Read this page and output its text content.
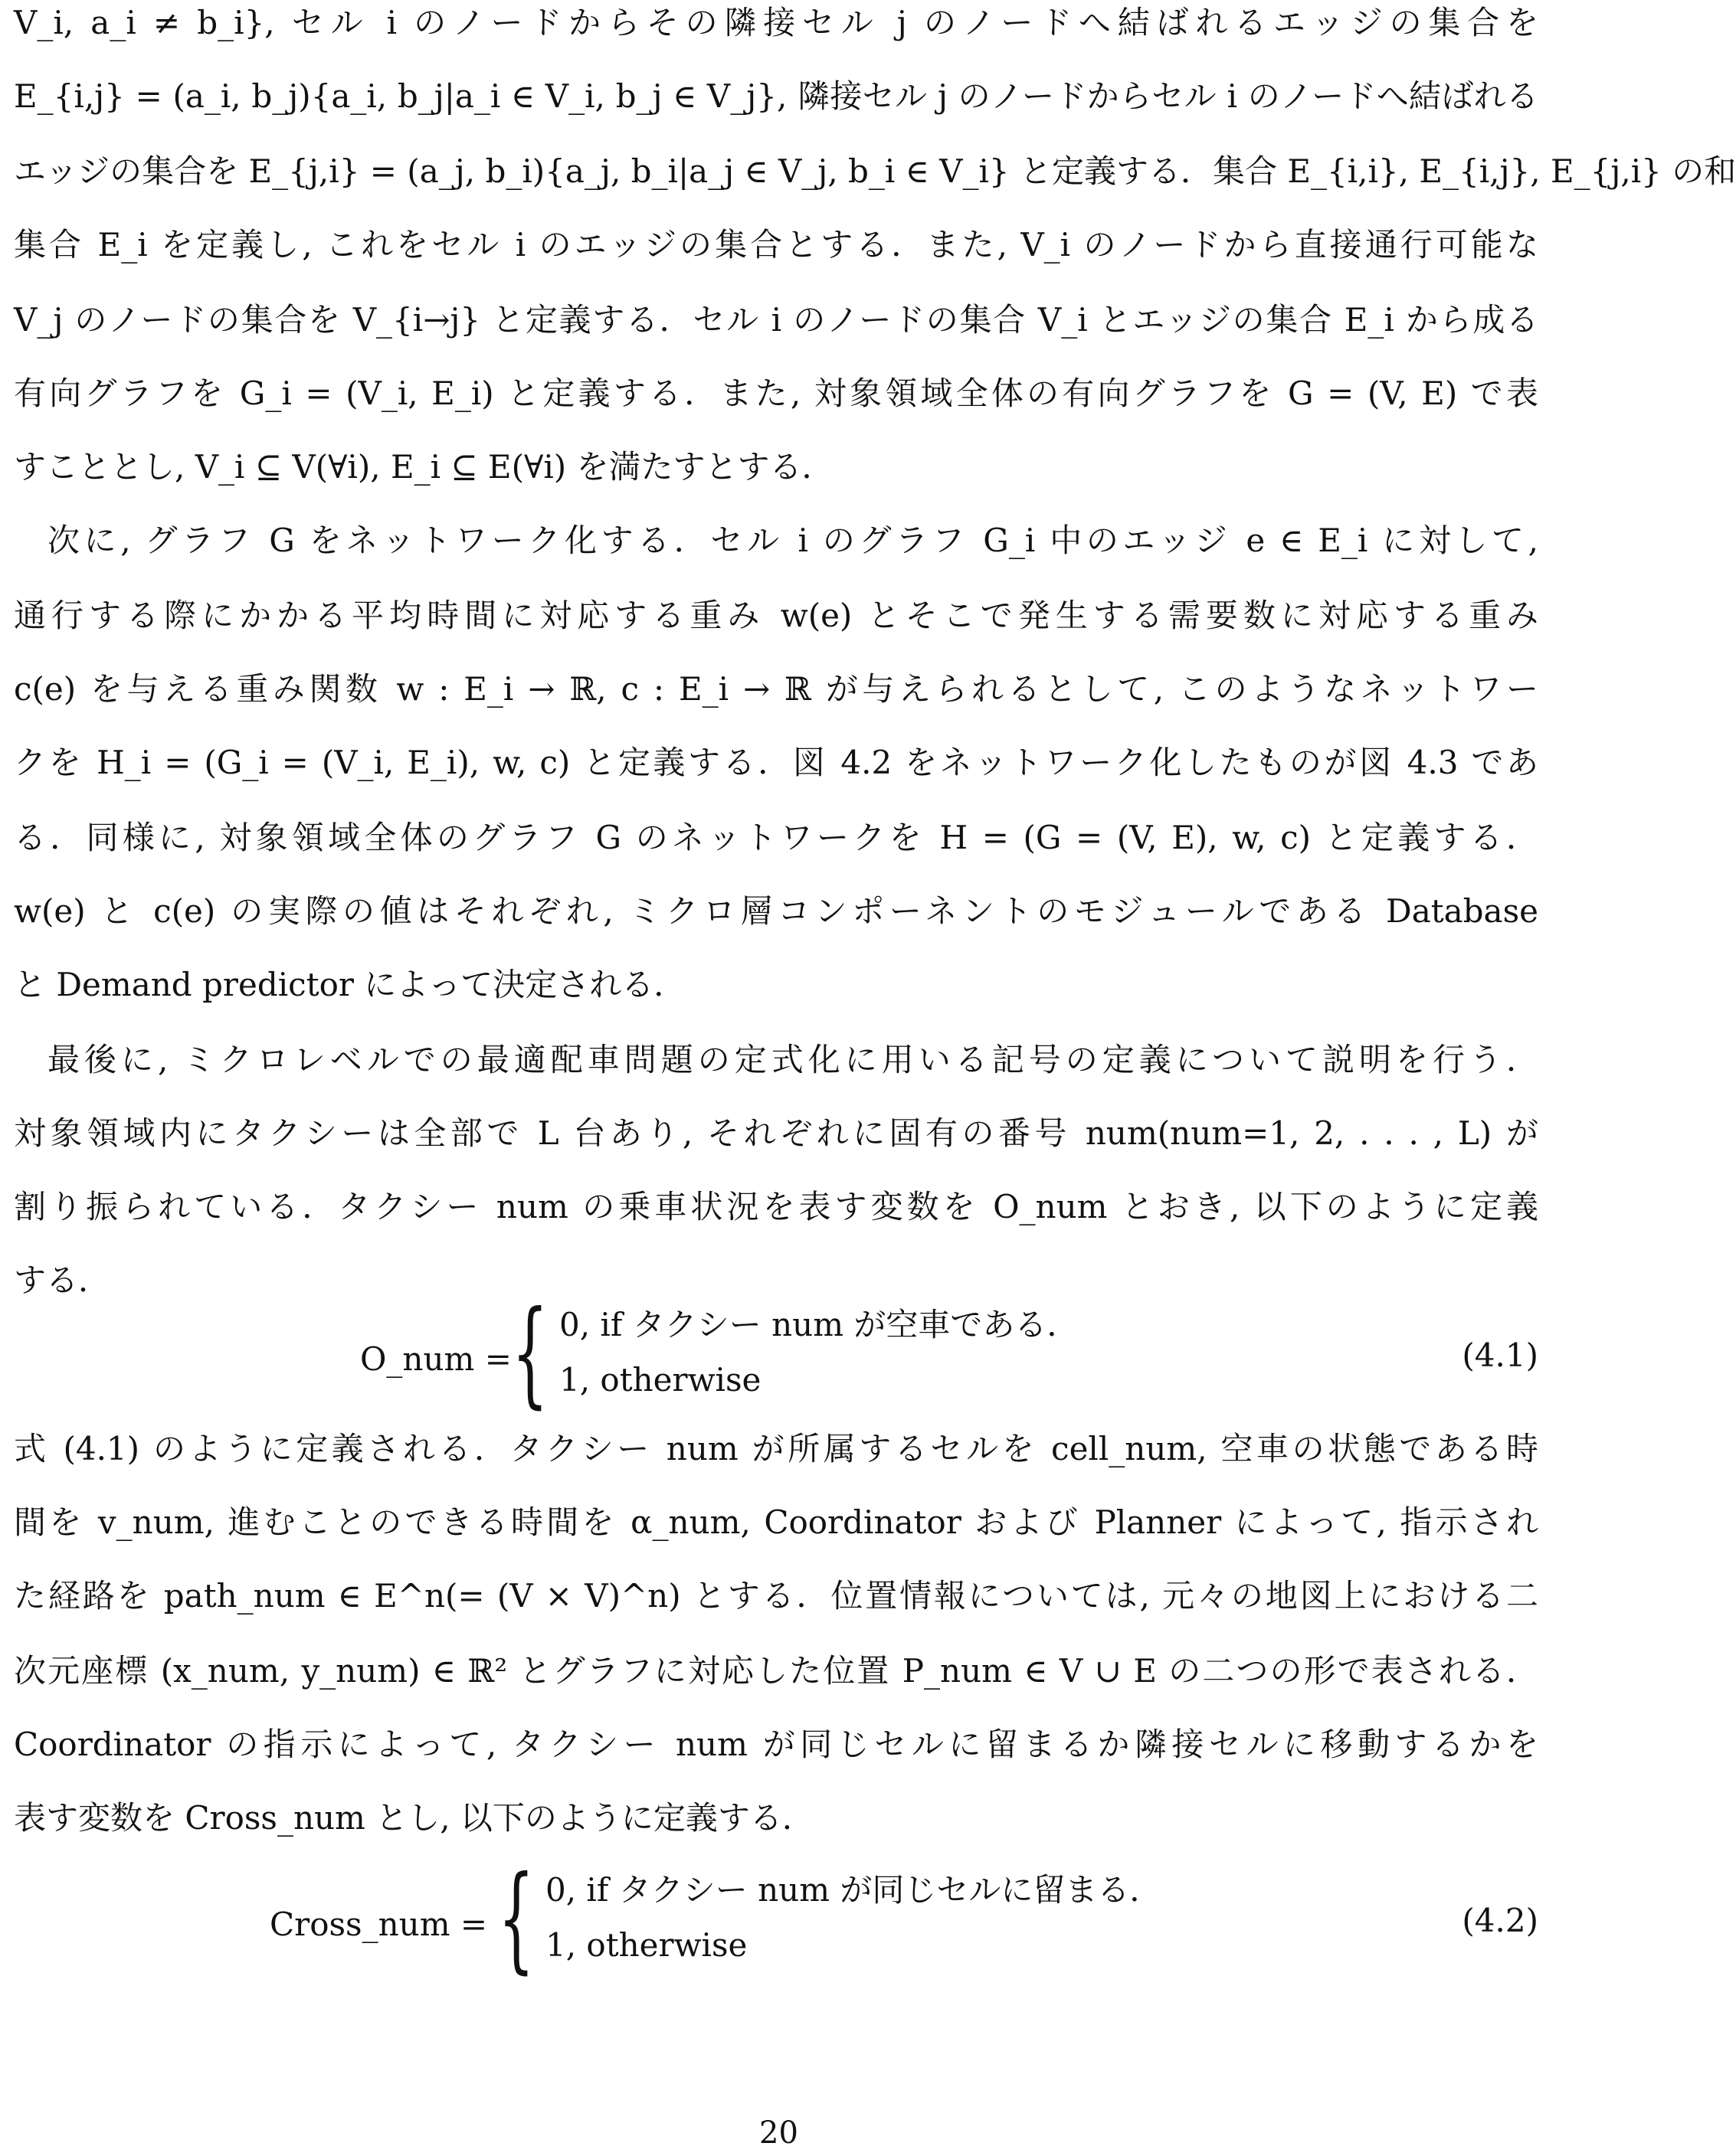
V_i, a_i ≠ b_i}, セル i のノードからその隣接セル j のノードへ結ばれるエッジの集合を
E_{i,j} = (a_i, b_j){a_i, b_j|a_i ∈ V_i, b_j ∈ V_j}, 隣接セル j のノードからセル i のノードへ結ばれる
エッジの集合を E_{j,i} = (a_j, b_i){a_j, b_i|a_j ∈ V_j, b_i ∈ V_i} と定義する．集合 E_{i,i}, E_{i,j}, E_{j,i} の和
集合 E_i を定義し, これをセル i のエッジの集合とする．また, V_i のノードから直接通行可能な
V_j のノードの集合を V_{i→j} と定義する．セル i のノードの集合 V_i とエッジの集合 E_i から成る
有向グラフを G_i = (V_i, E_i) と定義する．また, 対象領域全体の有向グラフを G = (V, E) で表
すこととし, V_i ⊆ V(∀i), E_i ⊆ E(∀i) を満たすとする．
次に, グラフ G をネットワーク化する．セル i のグラフ G_i 中のエッジ e ∈ E_i に対して,
通行する際にかかる平均時間に対応する重み w(e) とそこで発生する需要数に対応する重み
c(e) を与える重み関数 w : E_i → ℝ, c : E_i → ℝ が与えられるとして, このようなネットワー
クを H_i = (G_i = (V_i, E_i), w, c) と定義する．図 4.2 をネットワーク化したものが図 4.3 であ
る．同様に, 対象領域全体のグラフ G のネットワークを H = (G = (V, E), w, c) と定義する．
w(e) と c(e) の実際の値はそれぞれ, ミクロ層コンポーネントのモジュールである Database
と Demand predictor によって決定される．
最後に, ミクロレベルでの最適配車問題の定式化に用いる記号の定義について説明を行う．
対象領域内にタクシーは全部で L 台あり, それぞれに固有の番号 num(num=1, 2, . . . , L) が
割り振られている．タクシー num の乗車状況を表す変数を O_num とおき, 以下のように定義
する．
O_num = { 0, if タクシー num が空車である．
1, otherwise
(4.1)
式 (4.1) のように定義される．タクシー num が所属するセルを cell_num, 空車の状態である時
間を v_num, 進むことのできる時間を α_num, Coordinator および Planner によって, 指示され
た経路を path_num ∈ E^n(= (V × V)^n) とする．位置情報については, 元々の地図上における二
次元座標 (x_num, y_num) ∈ ℝ² とグラフに対応した位置 P_num ∈ V ∪ E の二つの形で表される．
Coordinator の指示によって, タクシー num が同じセルに留まるか隣接セルに移動するかを
表す変数を Cross_num とし, 以下のように定義する．
Cross_num = { 0, if タクシー num が同じセルに留まる．
1, otherwise
(4.2)
20
